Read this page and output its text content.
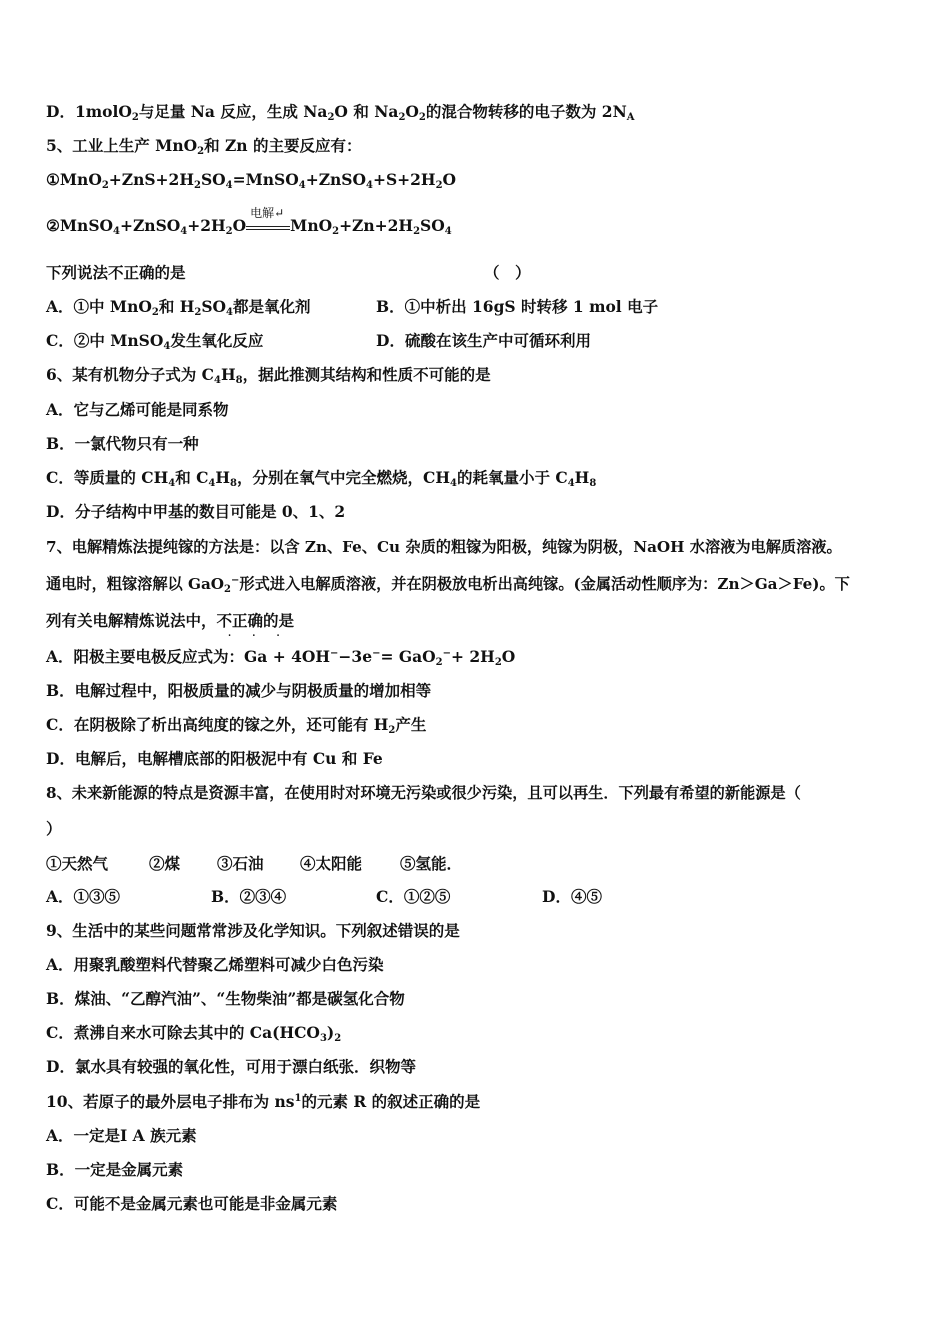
D．1molO$_2$与足量 Na 反应，生成 $Na_2O$ 和 $Na_2O_2$的混合物转移的电子数为 $2N_A$
5、工业上生产 MnO$_2$和 Zn 的主要反应有：
$①MnO_2+ZnS+2H_2SO_4=MnSO_4+ZnSO_4+S+2H_2O$
$②MnSO_4+ZnSO_4+2H_2O$
电解↵
$MnO_2+Zn+2H_2SO_4$
下列说法不正确的是	（　）
A．①中 MnO$_2$和 $H_2SO_4$都是氧化剂	B．①中析出 16gS 时转移 1 mol 电子
C．②中 MnSO$_4$发生氧化反应	D．硫酸在该生产中可循环利用
6、某有机物分子式为 $C_4H_8$，据此推测其结构和性质不可能的是
A．它与乙烯可能是同系物
B．一氯代物只有一种
C．等质量的 $CH_4$和 $C_4H_8$，分别在氧气中完全燃烧，$CH_4$的耗氧量小于 $C_4H_8$
D．分子结构中甲基的数目可能是 0、1、2
7、电解精炼法提纯镓的方法是：以含 Zn、Fe、Cu 杂质的粗镓为阳极，纯镓为阴极，NaOH 水溶液为电解质溶液。
通电时，粗镓溶解以 GaO$_2$−形式进入电解质溶液，并在阴极放电析出高纯镓。(金属活动性顺序为：Zn＞Ga＞Fe)。下
列有关电解精炼说法中，不正确的是
. . .
A．阳极主要电极反应式为：$Ga + 4OH^--3e^-= GaO_2^-+ 2H_2O$
B．电解过程中，阳极质量的减少与阴极质量的增加相等
C．在阴极除了析出高纯度的镓之外，还可能有 $H_2$产生
D．电解后，电解槽底部的阳极泥中有 Cu 和 Fe
8、未来新能源的特点是资源丰富，在使用时对环境无污染或很少污染，且可以再生．下列最有希望的新能源是（
）
①天然气	②煤 ③石油 ④太阳能 ⑤氢能．
A．①③⑤	B．②③④	C．①②⑤	D．④⑤
9、生活中的某些问题常常涉及化学知识。下列叙述错误的是
A．用聚乳酸塑料代替聚乙烯塑料可减少白色污染
B．煤油、“乙醇汽油”、“生物柴油”都是碳氢化合物
C．煮沸自来水可除去其中的 $Ca(HCO_3)_2$
D．氯水具有较强的氧化性，可用于漂白纸张．织物等
10、若原子的最外层电子排布为 $ns^1$的元素 R 的叙述正确的是
A．一定是Ⅰ A 族元素
B．一定是金属元素
C．可能不是金属元素也可能是非金属元素
